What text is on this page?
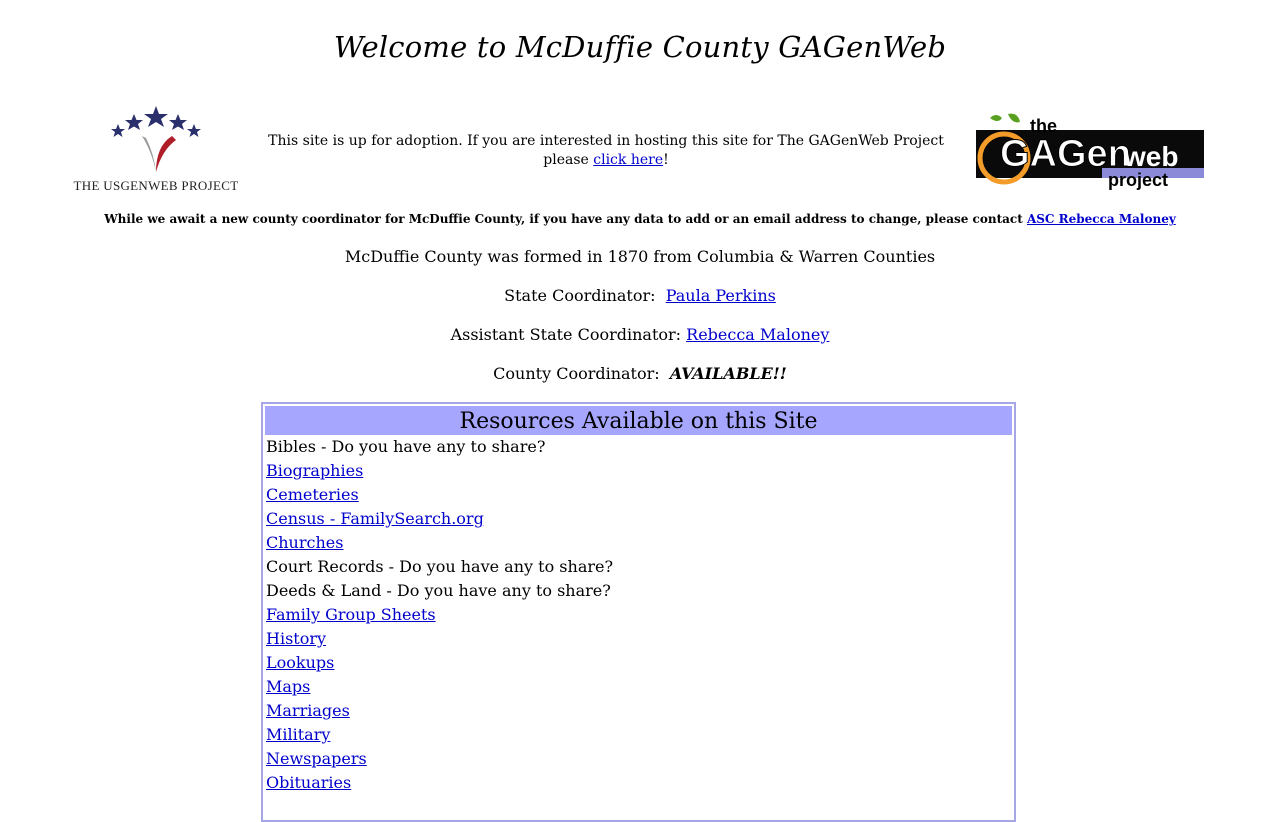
Welcome to McDuffie County GAGenWeb
THE USGENWEB PROJECT
This site is up for adoption. If you are interested in hosting this site for The GAGenWeb Project please click here!
the
GAGen
web
project
While we await a new county coordinator for McDuffie County, if you have any data to add or an email address to change, please contact ASC Rebecca Maloney
McDuffie County was formed in 1870 from Columbia & Warren Counties
State Coordinator:  Paula Perkins
Assistant State Coordinator: Rebecca Maloney
County Coordinator:  AVAILABLE!!
Resources Available on this Site
Bibles - Do you have any to share?
Biographies
Cemeteries
Census - FamilySearch.org
Churches
Court Records - Do you have any to share?
Deeds & Land - Do you have any to share?
Family Group Sheets
History
Lookups
Maps
Marriages
Military
Newspapers
Obituaries
